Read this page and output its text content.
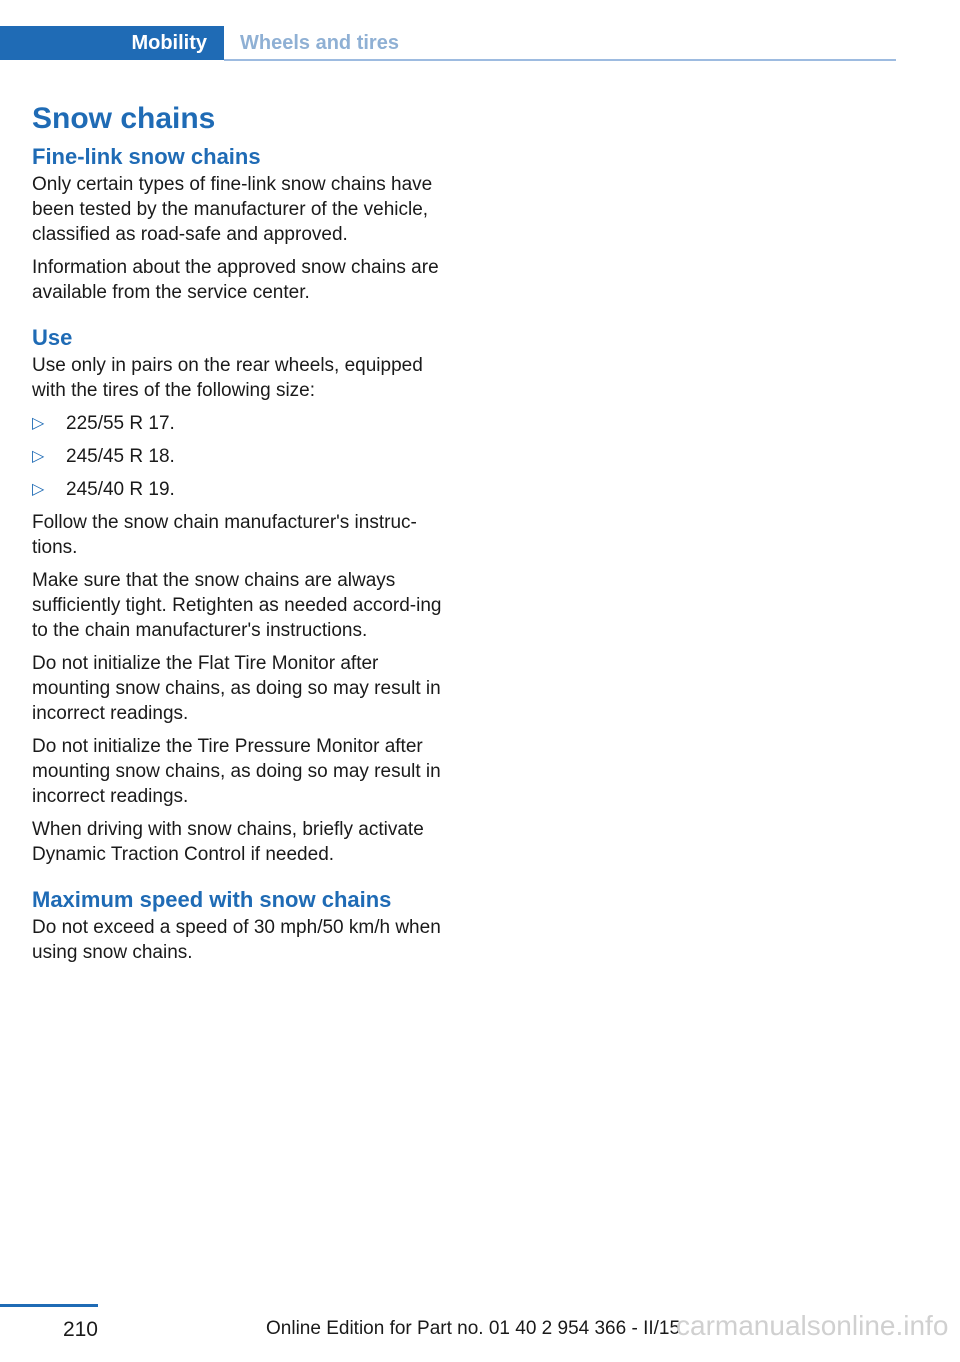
Mobility	Wheels and tires
Snow chains
Fine-link snow chains

Only certain types of fine-link snow chains have been tested by the manufacturer of the vehicle, classified as road-safe and approved.

Information about the approved snow chains are available from the service center.

Use

Use only in pairs on the rear wheels, equipped with the tires of the following size:

▷ 225/55 R 17.
▷ 245/45 R 18.
▷ 245/40 R 19.

Follow the snow chain manufacturer's instruc-tions.

Make sure that the snow chains are always sufficiently tight. Retighten as needed accord-ing to the chain manufacturer's instructions.

Do not initialize the Flat Tire Monitor after mounting snow chains, as doing so may result in incorrect readings.

Do not initialize the Tire Pressure Monitor after mounting snow chains, as doing so may result in incorrect readings.

When driving with snow chains, briefly activate Dynamic Traction Control if needed.

Maximum speed with snow chains

Do not exceed a speed of 30 mph/50 km/h when using snow chains.

210	Online Edition for Part no. 01 40 2 954 366 - II/15
carmanualsonline.info
